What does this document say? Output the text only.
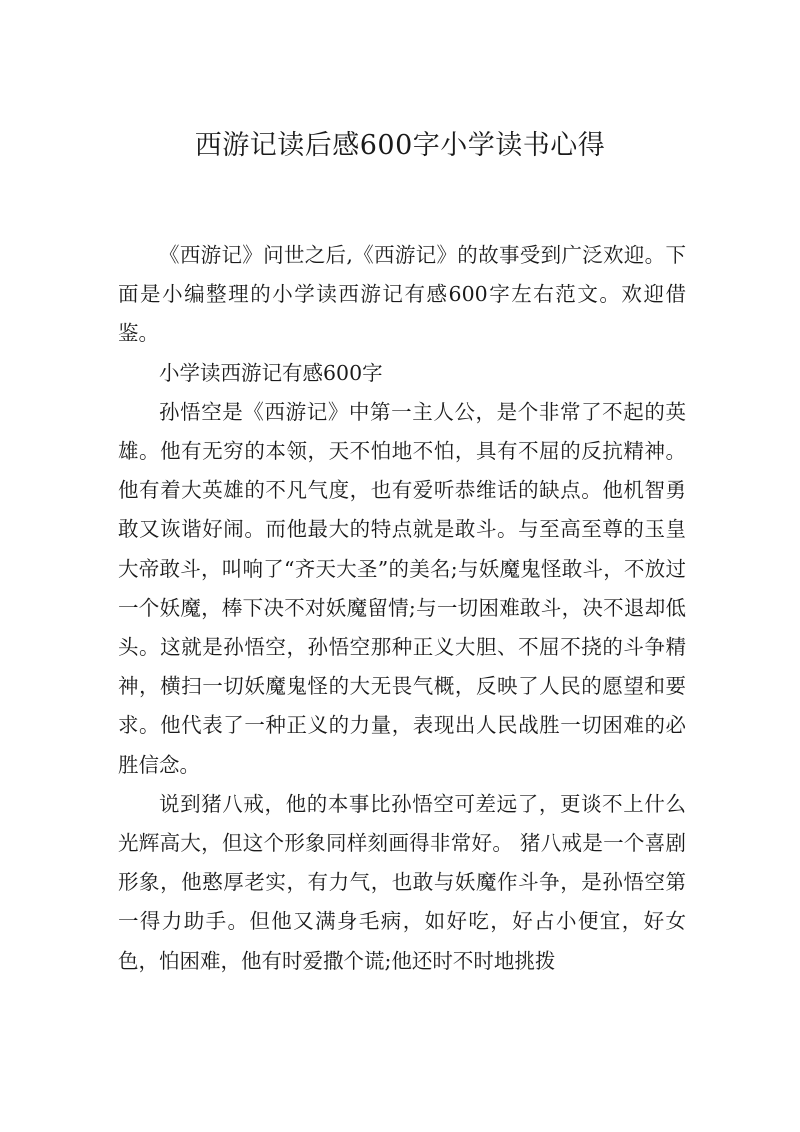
西游记读后感600字小学读书心得

《西游记》问世之后,《西游记》的故事受到广泛欢迎。下面是小编整理的小学读西游记有感600字左右范文。欢迎借鉴。

小学读西游记有感600字

孙悟空是《西游记》中第一主人公，是个非常了不起的英雄。他有无穷的本领，天不怕地不怕，具有不屈的反抗精神。他有着大英雄的不凡气度，也有爱听恭维话的缺点。他机智勇敢又诙谐好闹。而他最大的特点就是敢斗。与至高至尊的玉皇大帝敢斗，叫响了“齐天大圣”的美名;与妖魔鬼怪敢斗，不放过一个妖魔，棒下决不对妖魔留情;与一切困难敢斗，决不退却低头。这就是孙悟空，孙悟空那种正义大胆、不屈不挠的斗争精神，横扫一切妖魔鬼怪的大无畏气概，反映了人民的愿望和要求。他代表了一种正义的力量，表现出人民战胜一切困难的必胜信念。

说到猪八戒，他的本事比孙悟空可差远了，更谈不上什么光辉高大，但这个形象同样刻画得非常好。 猪八戒是一个喜剧形象，他憨厚老实，有力气，也敢与妖魔作斗争，是孙悟空第一得力助手。但他又满身毛病，如好吃，好占小便宜，好女色，怕困难，他有时爱撒个谎;他还时不时地挑拨
